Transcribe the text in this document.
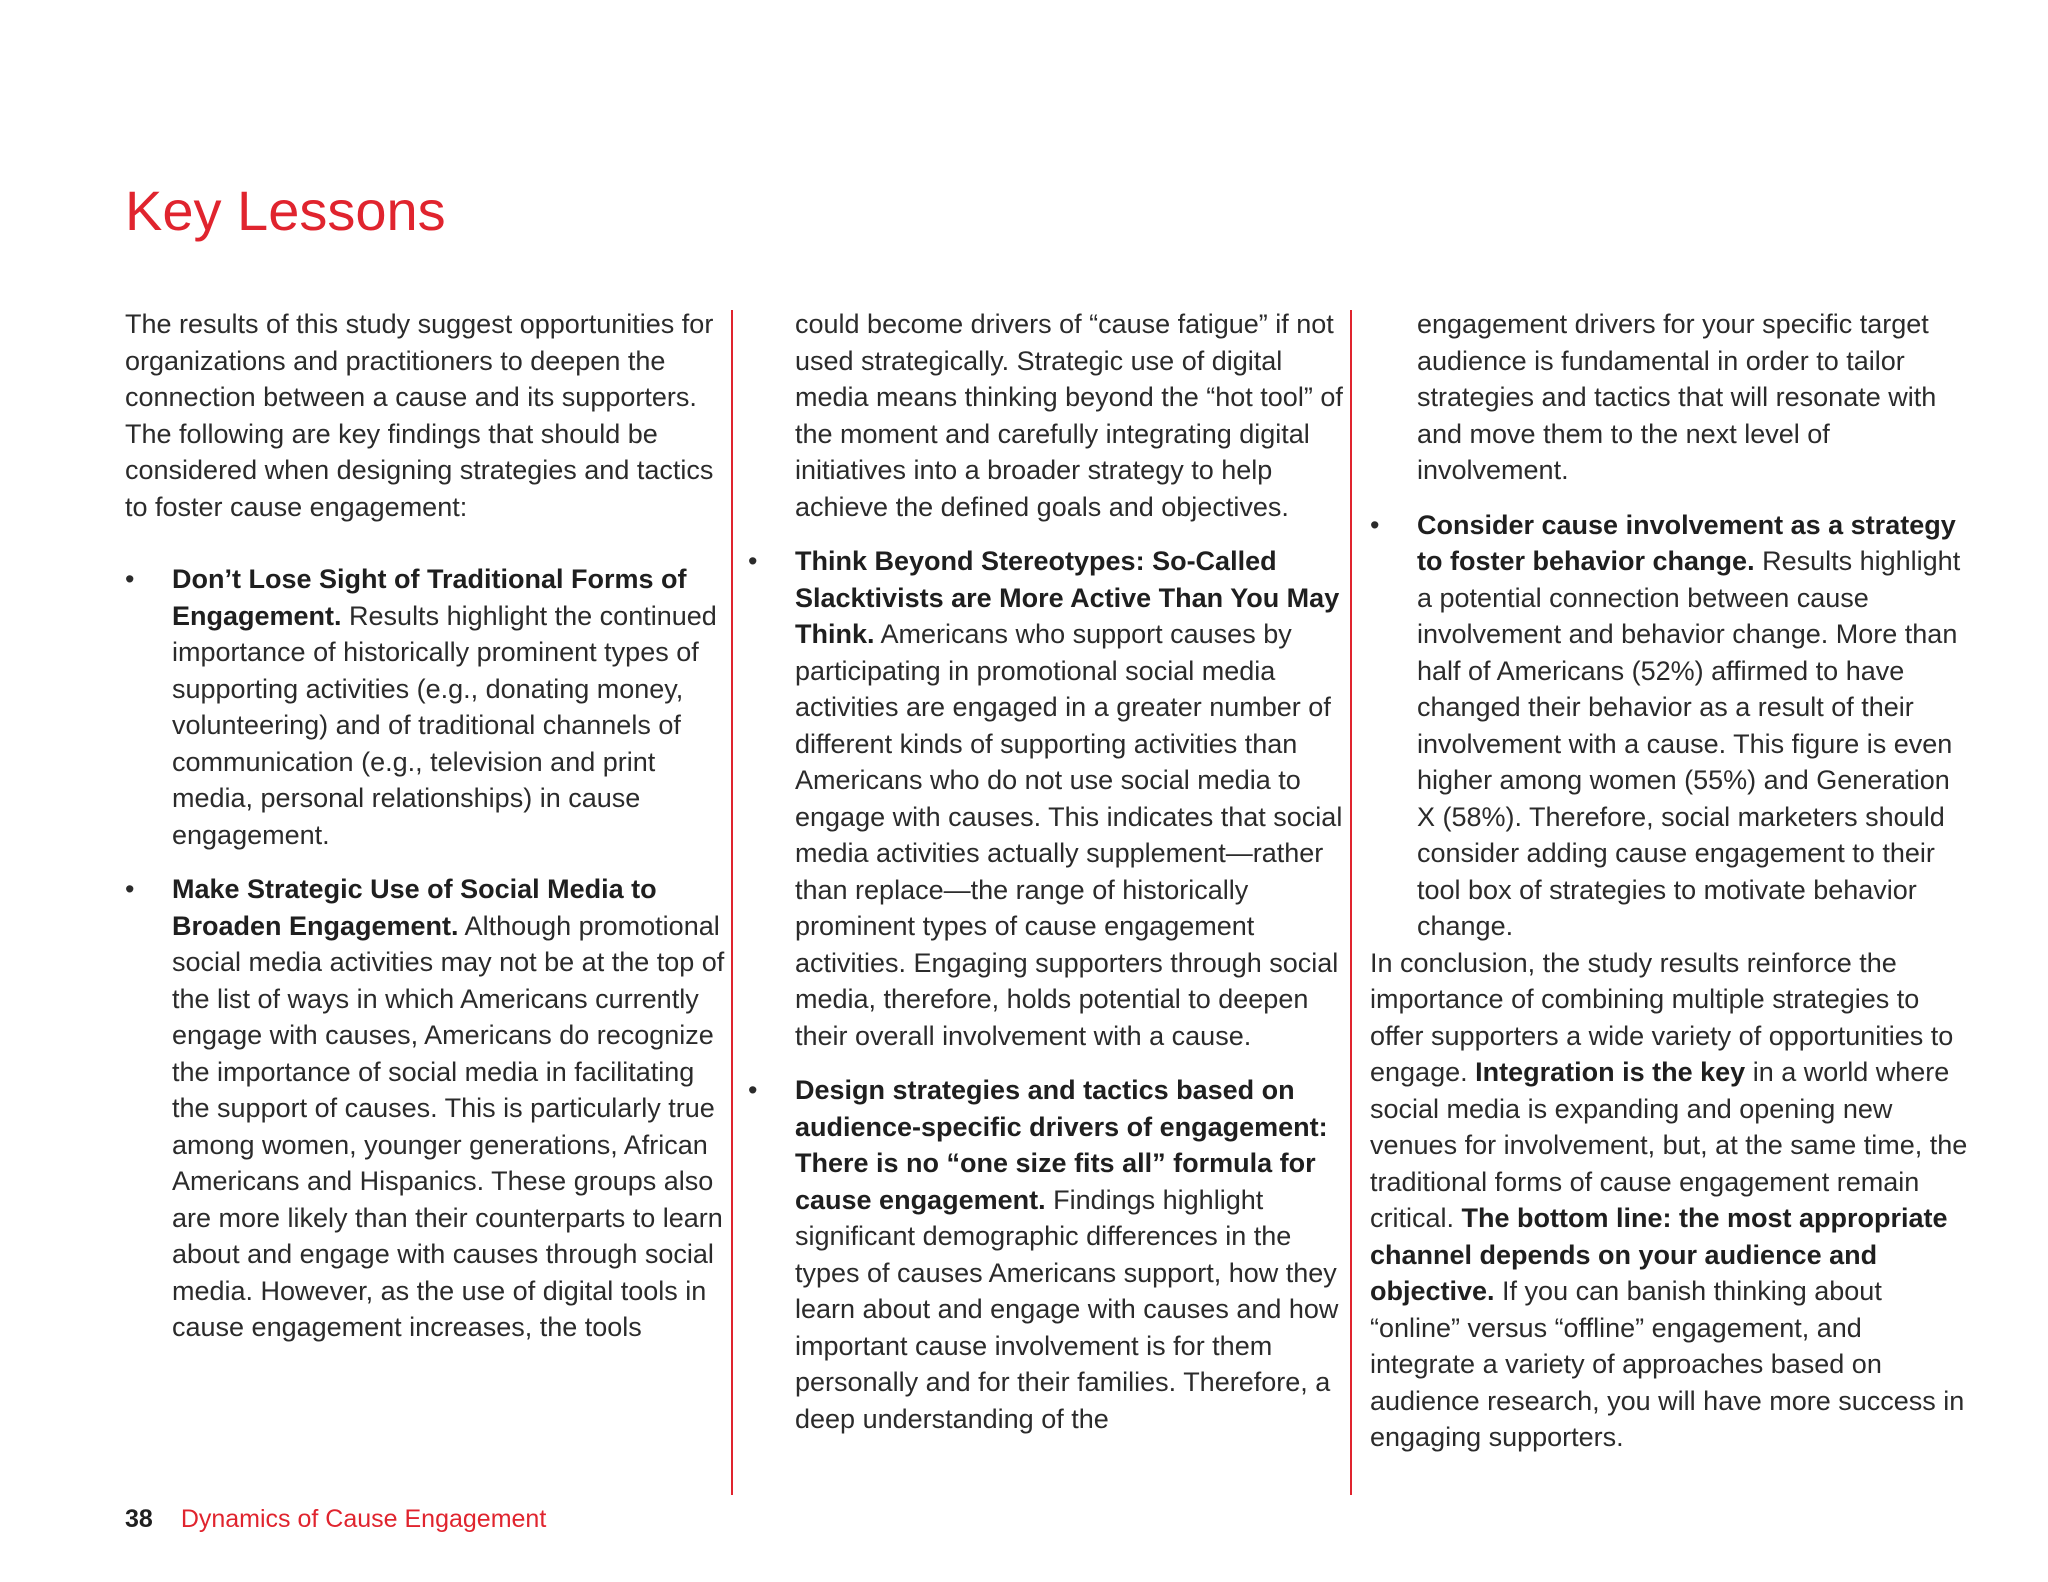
Key Lessons

The results of this study suggest opportunities for organizations and practitioners to deepen the connection between a cause and its supporters. The following are key findings that should be considered when designing strategies and tactics to foster cause engagement:

• Don’t Lose Sight of Traditional Forms of Engagement. Results highlight the continued importance of historically prominent types of supporting activities (e.g., donating money, volunteering) and of traditional channels of communication (e.g., television and print media, personal relationships) in cause engagement.

• Make Strategic Use of Social Media to Broaden Engagement. Although promotional social media activities may not be at the top of the list of ways in which Americans currently engage with causes, Americans do recognize the importance of social media in facilitating the support of causes. This is particularly true among women, younger generations, African Americans and Hispanics. These groups also are more likely than their counterparts to learn about and engage with causes through social media. However, as the use of digital tools in cause engagement increases, the tools

could become drivers of “cause fatigue” if not used strategically. Strategic use of digital media means thinking beyond the “hot tool” of the moment and carefully integrating digital initiatives into a broader strategy to help achieve the defined goals and objectives.

• Think Beyond Stereotypes: So-Called Slacktivists are More Active Than You May Think. Americans who support causes by participating in promotional social media activities are engaged in a greater number of different kinds of supporting activities than Americans who do not use social media to engage with causes. This indicates that social media activities actually supplement—rather than replace—the range of historically prominent types of cause engagement activities. Engaging supporters through social media, therefore, holds potential to deepen their overall involvement with a cause.

• Design strategies and tactics based on audience-specific drivers of engagement: There is no “one size fits all” formula for cause engagement. Findings highlight significant demographic differences in the types of causes Americans support, how they learn about and engage with causes and how important cause involvement is for them personally and for their families. Therefore, a deep understanding of the

engagement drivers for your specific target audience is fundamental in order to tailor strategies and tactics that will resonate with and move them to the next level of involvement.

• Consider cause involvement as a strategy to foster behavior change. Results highlight a potential connection between cause involvement and behavior change. More than half of Americans (52%) affirmed to have changed their behavior as a result of their involvement with a cause. This figure is even higher among women (55%) and Generation X (58%). Therefore, social marketers should consider adding cause engagement to their tool box of strategies to motivate behavior change.

In conclusion, the study results reinforce the importance of combining multiple strategies to offer supporters a wide variety of opportunities to engage. Integration is the key in a world where social media is expanding and opening new venues for involvement, but, at the same time, the traditional forms of cause engagement remain critical. The bottom line: the most appropriate channel depends on your audience and objective. If you can banish thinking about “online” versus “offline” engagement, and integrate a variety of approaches based on audience research, you will have more success in engaging supporters.

38 Dynamics of Cause Engagement
